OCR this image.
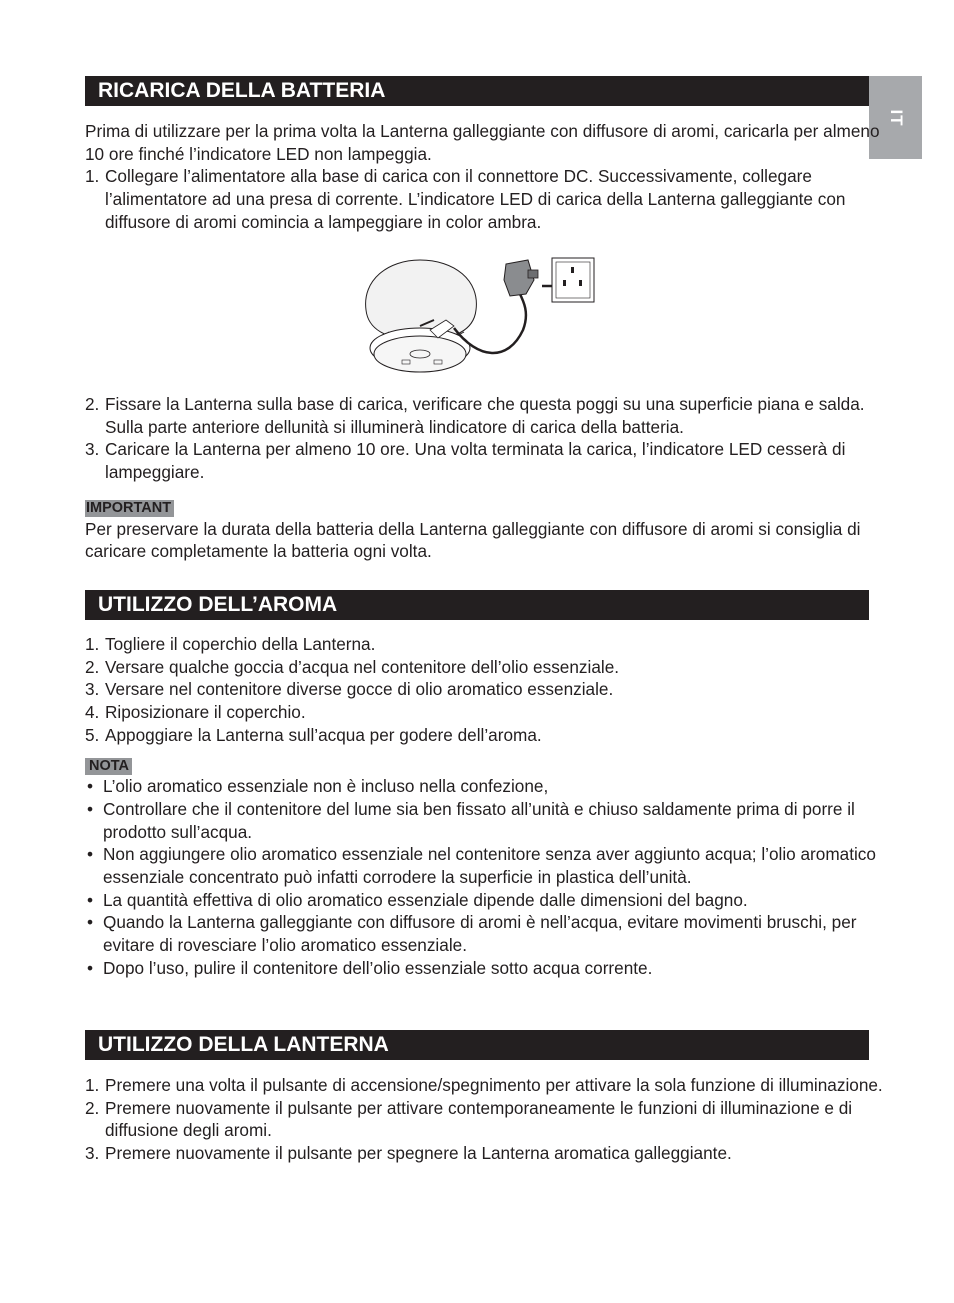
IT
RICARICA DELLA BATTERIA

Prima di utilizzare per la prima volta la Lanterna galleggiante con diffusore di aromi, caricarla per almeno 10 ore finché l’indicatore LED non lampeggia.

1. Collegare l’alimentatore alla base di carica con il connettore DC. Successivamente, collegare l’alimentatore ad una presa di corrente. L’indicatore LED di carica della Lanterna galleggiante con diffusore di aromi comincia a lampeggiare in color ambra.
2. Fissare la Lanterna sulla base di carica, verificare che questa poggi su una superficie piana e salda. Sulla parte anteriore dellunità si illuminerà lindicatore di carica della batteria.
3. Caricare la Lanterna per almeno 10 ore. Una volta terminata la carica, l’indicatore LED cesserà di lampeggiare.
IMPORTANT

Per preservare la durata della batteria della Lanterna galleggiante con diffusore di aromi si consiglia di caricare completamente la batteria ogni volta.

UTILIZZO DELL’AROMA
1. Togliere il coperchio della Lanterna.
2. Versare qualche goccia d’acqua nel contenitore dell’olio essenziale.
3. Versare nel contenitore diverse gocce di olio aromatico essenziale.
4. Riposizionare il coperchio.
5. Appoggiare la Lanterna sull’acqua per godere dell’aroma.
NOTA
• L’olio aromatico essenziale non è incluso nella confezione,
• Controllare che il contenitore del lume sia ben fissato all’unità e chiuso saldamente prima di porre il prodotto sull’acqua.
• Non aggiungere olio aromatico essenziale nel contenitore senza aver aggiunto acqua; l’olio aromatico essenziale concentrato può infatti corrodere la superficie in plastica dell’unità.
• La quantità effettiva di olio aromatico essenziale dipende dalle dimensioni del bagno.
• Quando la Lanterna galleggiante con diffusore di aromi è nell’acqua, evitare movimenti bruschi, per evitare di rovesciare l’olio aromatico essenziale.
• Dopo l’uso, pulire il contenitore dell’olio essenziale sotto acqua corrente.
UTILIZZO DELLA LANTERNA
1. Premere una volta il pulsante di accensione/spegnimento per attivare la sola funzione di illuminazione.
2. Premere nuovamente il pulsante per attivare contemporaneamente le funzioni di illuminazione e di diffusione degli aromi.
3. Premere nuovamente il pulsante per spegnere la Lanterna aromatica galleggiante.
